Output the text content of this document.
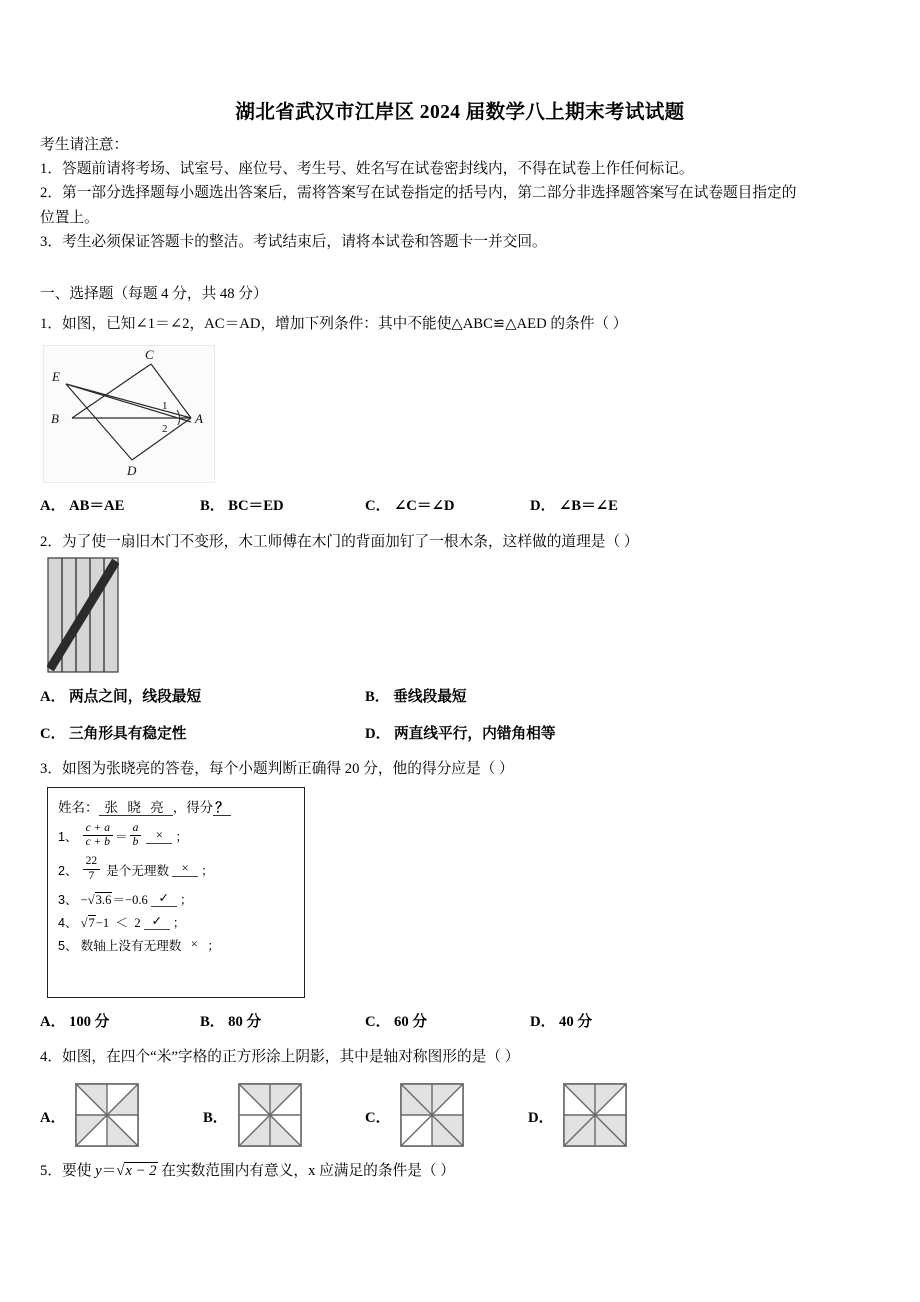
湖北省武汉市江岸区 2024 届数学八上期末考试试题
考生请注意：
1．答题前请将考场、试室号、座位号、考生号、姓名写在试卷密封线内，不得在试卷上作任何标记。
2．第一部分选择题每小题选出答案后，需将答案写在试卷指定的括号内，第二部分非选择题答案写在试卷题目指定的
位置上。
3．考生必须保证答题卡的整洁。考试结束后，请将本试卷和答题卡一并交回。
一、选择题（每题 4 分，共 48 分）
1．如图，已知∠1＝∠2，AC＝AD，增加下列条件：其中不能使△ABC≌△AED 的条件（ ）
C
E
B	A
D
1
2
A． AB＝AE	B． BC＝ED	C． ∠C＝∠D	D． ∠B＝∠E
2．为了使一扇旧木门不变形，木工师傅在木门的背面加钉了一根木条，这样做的道理是（ ）
A． 两点之间，线段最短	B． 垂线段最短
C． 三角形具有稳定性	D． 两直线平行，内错角相等
3．如图为张晓亮的答卷，每个小题判断正确得 20 分，他的得分应是（ ）
姓名： 张 晓 亮 ，得分 ？
1、 $\frac{c + a}{c + b} = \frac{a}{b}$	× ；
2、 $\frac{22}{7}$ 是个无理数 × ；
3、 −√3.6＝−0.6 ✓ ；
4、 √7−1  ＜  2 ✓ ；
5、 数轴上没有无理数 × ；
A． 100 分	B． 80 分	C． 60 分	D． 40 分
4．如图，在四个“米”字格的正方形涂上阴影，其中是轴对称图形的是（ ）
A．	B．	C．	D．
5．要使 y＝√x − 2 在实数范围内有意义，x 应满足的条件是（ ）
